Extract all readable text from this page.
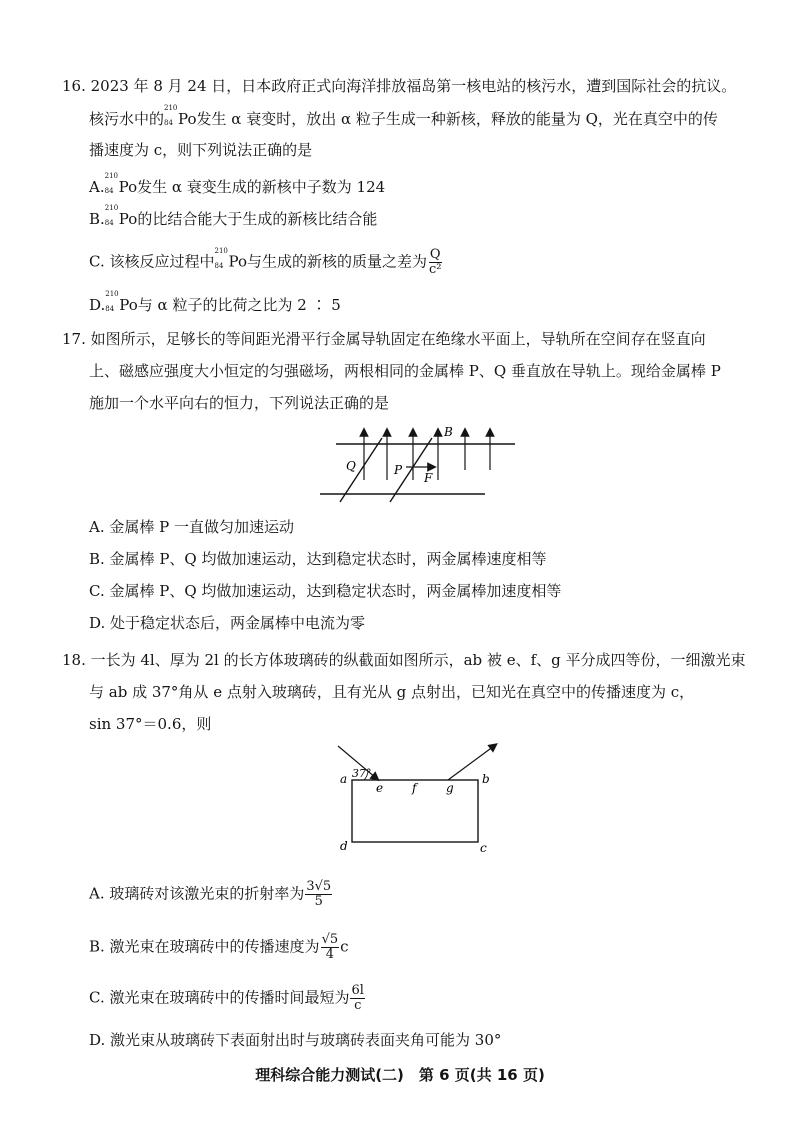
16. 2023 年 8 月 24 日，日本政府正式向海洋排放福岛第一核电站的核污水，遭到国际社会的抗议。
核污水中的
210
84 Po发生 α 衰变时，放出 α 粒子生成一种新核，释放的能量为 Q，光在真空中的传
播速度为 c，则下列说法正确的是
A.
210
84 Po发生 α 衰变生成的新核中子数为 124
B.
210
84 Po的比结合能大于生成的新核比结合能
C. 该核反应过程中
210
84 Po与生成的新核的质量之差为 $\frac{Q}{\text{c²}}$
D.
210
84 Po与 α 粒子的比荷之比为 2 ∶ 5
17. 如图所示，足够长的等间距光滑平行金属导轨固定在绝缘水平面上，导轨所在空间存在竖直向
上、磁感应强度大小恒定的匀强磁场，两根相同的金属棒 P、Q 垂直放在导轨上。现给金属棒 P
施加一个水平向右的恒力，下列说法正确的是
B
Q	P
F
A. 金属棒 P 一直做匀加速运动
B. 金属棒 P、Q 均做加速运动，达到稳定状态时，两金属棒速度相等
C. 金属棒 P、Q 均做加速运动，达到稳定状态时，两金属棒加速度相等
D. 处于稳定状态后，两金属棒中电流为零
18. 一长为 4l、厚为 2l 的长方体玻璃砖的纵截面如图所示，ab 被 e、f、g 平分成四等份，一细激光束
与 ab 成 37°角从 e 点射入玻璃砖，且有光从 g 点射出，已知光在真空中的传播速度为 c，
sin 37°＝0.6，则
37°
a	b
c
d
e f g
A. 玻璃砖对该激光束的折射率为 $\frac{3√5}{5}$
B. 激光束在玻璃砖中的传播速度为 $\frac{√5}{4}$ c
C. 激光束在玻璃砖中的传播时间最短为 $\frac{6l}{c}$
D. 激光束从玻璃砖下表面射出时与玻璃砖表面夹角可能为 30°
理科综合能力测试(二)　第 6 页(共 16 页)
